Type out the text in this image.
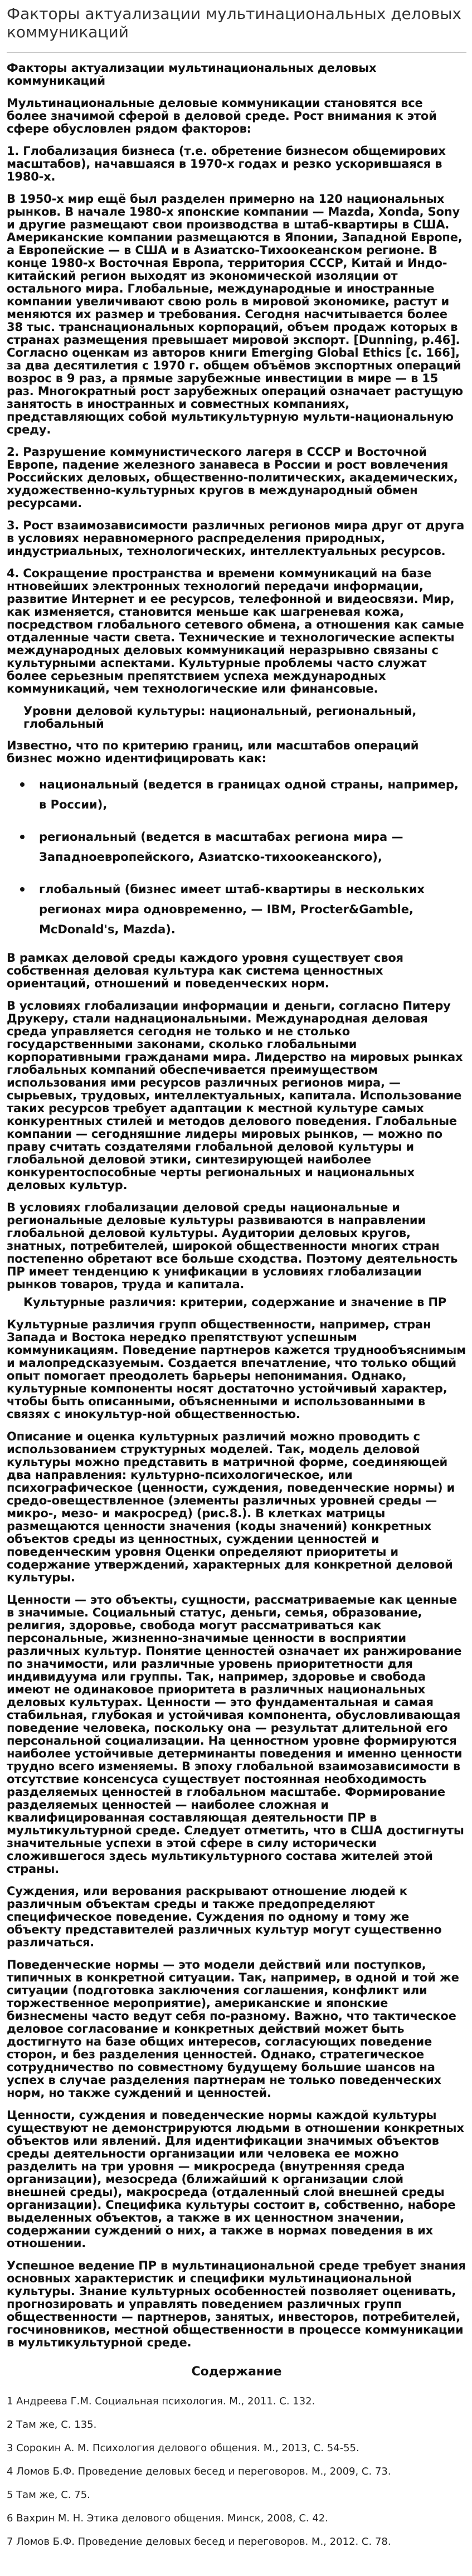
Факторы актуализации мультинациональных деловых коммуникаций

Факторы актуализации мультинациональных деловых коммуникаций

Мультинациональные деловые коммуникации становятся все более значимой сферой в деловой среде. Рост внимания к этой сфере обусловлен рядом факторов:

1. Глобализация бизнеса (т.е. обретение бизнесом общемирових масштабов), начавшаяся в 1970-х годах и резко ускорившаяся в 1980-х.

В 1950-х мир ещё был разделен примерно на 120 национальных рынков. В начале 1980-х японские компании — Mazda, Xonda, Sony и другие размещают свои производства в штаб-квартиры в США. Американские компании размещаются в Японии, Западной Европе, а Европейские — в США и в Азиатско-Тихоокеанском регионе. В конце 1980-х Восточная Европа, территория СССР, Китай и Индо-китайский регион выходят из экономической изоляции от остального мира. Глобальные, международные и иностранные компании увеличивают свою роль в мировой экономике, растут и меняются их размер и требования. Сегодня насчитывается более 38 тыс. транснациональных корпораций, объем продаж которых в странах размещения превышает мировой экспорт. [Dunning, p.46]. Согласно оценкам из авторов книги Emerging Global Ethics [c. 166], за два десятилетия с 1970 г. общем объёмов экспортных операций возрос в 9 раз, а прямые зарубежные инвестиции в мире — в 15 раз. Многократный рост зарубежных операций означает растущую занятость в иностранных и совместных компаниях, представляющих собой мультикультурную мульти-национальную среду.

2. Разрушение коммунистического лагеря в СССР и Восточной Европе, падение железного занавеса в России и рост вовлечения Российских деловых, общественно-политических, академических, художественно-культурных кругов в международный обмен ресурсами.

3. Рост взаимозависимости различных регионов мира друг от друга в условиях неравномерного распределения природных, индустриальных, технологических, интеллектуальных ресурсов.

4. Сокращение пространства и времени коммуникаций на базе нтновейших электронных технологий передачи информации, развитие Интернет и ее ресурсов, телефонной и видеосвязи. Мир, как изменяется, становится меньше как шагреневая кожа, посредством глобального сетевого обмена, а отношения как самые отдаленные части света. Технические и технологические аспекты международных деловых коммуникаций неразрывно связаны с культурными аспектами. Культурные проблемы часто служат более серьезным препятствием успеха международных коммуникаций, чем технологические или финансовые.

Уровни деловой культуры: национальный, региональный, глобальный

Известно, что по критерию границ, или масштабов операций бизнес можно идентифицировать как:

национальный (ведется в границах одной страны, например, в России),
региональный (ведется в масштабах региона мира — Западноевропейского, Азиатско-тихоокеанского),
глобальный (бизнес имеет штаб-квартиры в нескольких регионах мира одновременно, — IBM, Procter&Gamble, McDonald's, Mazda).

В рамках деловой среды каждого уровня существует своя собственная деловая культура как система ценностных ориентаций, отношений и поведенческих норм.

В условиях глобализации информации и деньги, согласно Питеру Друкеру, стали наднациональными. Международная деловая среда управляется сегодня не только и не столько государственными законами, сколько глобальными корпоративными гражданами мира. Лидерство на мировых рынках глобальных компаний обеспечивается преимуществом использования ими ресурсов различных регионов мира, — сырьевых, трудовых, интеллектуальных, капитала. Использование таких ресурсов требует адаптации к местной культуре самых конкурентных стилей и методов делового поведения. Глобальные компании — сегодняшние лидеры мировых рынков, — можно по праву считать создателями глобальной деловой культуры и глобальной деловой этики, синтезирующей наиболее конкурентоспособные черты региональных и национальных деловых культур.

В условиях глобализации деловой среды национальные и региональные деловые культуры развиваются в направлении глобальной деловой культуры. Аудитории деловых кругов, знатных, потребителей, широкой общественности многих стран постепенно обретают все больше сходства. Поэтому деятельность ПР имеет тенденцию к унификации в условиях глобализации рынков товаров, труда и капитала.

Культурные различия: критерии, содержание и значение в ПР

Культурные различия групп общественности, например, стран Запада и Востока нередко препятствуют успешным коммуникациям. Поведение партнеров кажется труднообъяснимым и малопредсказуемым. Создается впечатление, что только общий опыт помогает преодолеть барьеры непонимания. Однако, культурные компоненты носят достаточно устойчивый характер, чтобы быть описанными, объясненными и использованными в связях с инокультур-ной общественностью.

Описание и оценка культурных различий можно проводить с использованием структурных моделей. Так, модель деловой культуры можно представить в матричной форме, соединяющей два направления: культурно-психологическое, или психографическое (ценности, суждения, поведенческие нормы) и средо-овеществленное (элементы различных уровней среды — микро-, мезо- и макросред) (рис.8.). В клетках матрицы размещаются ценности значения (коды значений) конкретных объектов среды из ценностных, суждении ценностей и поведенческим уровня Оценки определяют приоритеты и содержание утверждений, характерных для конкретной деловой культуры.

Ценности — это объекты, сущности, рассматриваемые как ценные в значимые. Социальный статус, деньги, семья, образование, религия, здоровье, свобода могут рассматриваться как персональные, жизненно-значимые ценности в восприятии различных культур. Понятие ценностей означает их ранжирование по значимости, или различные уровень приоритетности для индивидуума или группы. Так, например, здоровье и свобода имеют не одинаковое приоритета в различных национальных деловых культурах. Ценности — это фундаментальная и самая стабильная, глубокая и устойчивая компонента, обусловливающая поведение человека, поскольку она — результат длительной его персональной социализации. На ценностном уровне формируются наиболее устойчивые детерминанты поведения и именно ценности трудно всего изменяемы. В эпоху глобальной взаимозависимости в отсутствие консенсуса существует постоянная необходимость разделяемых ценностей в глобальном масштабе. Формирование разделяемых ценностей — наиболее сложная и квалифицированная составляющая деятельности ПР в мультикультурной среде. Следует отметить, что в США достигнуты значительные успехи в этой сфере в силу исторически сложившегося здесь мультикультурного состава жителей этой страны.

Суждения, или верования раскрывают отношение людей к различным объектам среды и также предопределяют специфическое поведение. Суждения по одному и тому же объекту представителей различных культур могут существенно различаться.

Поведенческие нормы — это модели действий или поступков, типичных в конкретной ситуации. Так, например, в одной и той же ситуации (подготовка заключения соглашения, конфликт или торжественное мероприятие), американские и японские бизнесмены часто ведут себя по-разному. Важно, что тактическое деловое согласование и конкретных действий может быть достигнуто на базе общих интересов, согласующих поведение сторон, и без разделения ценностей. Однако, стратегическое сотрудничество по совместному будущему большие шансов на успех в случае разделения партнерам не только поведенческих норм, но также суждений и ценностей.

Ценности, суждения и поведенческие нормы каждой культуры существуют не демонстрируются людьми в отношении конкретных объектов или явлений. Для идентификации значимых объектов среды деятельности организации или человека ее можно разделить на три уровня — микросреда (внутренняя среда организации), мезосреда (ближайший к организации слой внешней среды), макросреда (отдаленный слой внешней среды организации). Специфика культуры состоит в, собственно, наборе выделенных объектов, а также в их ценностном значении, содержании суждений о них, а также в нормах поведения в их отношении.

Успешное ведение ПР в мультинациональной среде требует знания основных характеристик и специфики мультинациональной культуры. Знание культурных особенностей позволяет оценивать, прогнозировать и управлять поведением различных групп общественности — партнеров, занятых, инвесторов, потребителей, госчиновников, местной общественности в процессе коммуникации в мультикультурной среде.

Содержание
1 Андреева Г.М. Социальная психология. М., 2011. С. 132.
2 Там же, С. 135.
3 Сорокин А. М. Психология делового общения. М., 2013, С. 54-55.
4 Ломов Б.Ф. Проведение деловых бесед и переговоров. М., 2009, С. 73.
5 Там же, С. 75.
6 Вахрин М. Н. Этика делового общения. Минск, 2008, С. 42.
7 Ломов Б.Ф. Проведение деловых бесед и переговоров. М., 2012. С. 78.
